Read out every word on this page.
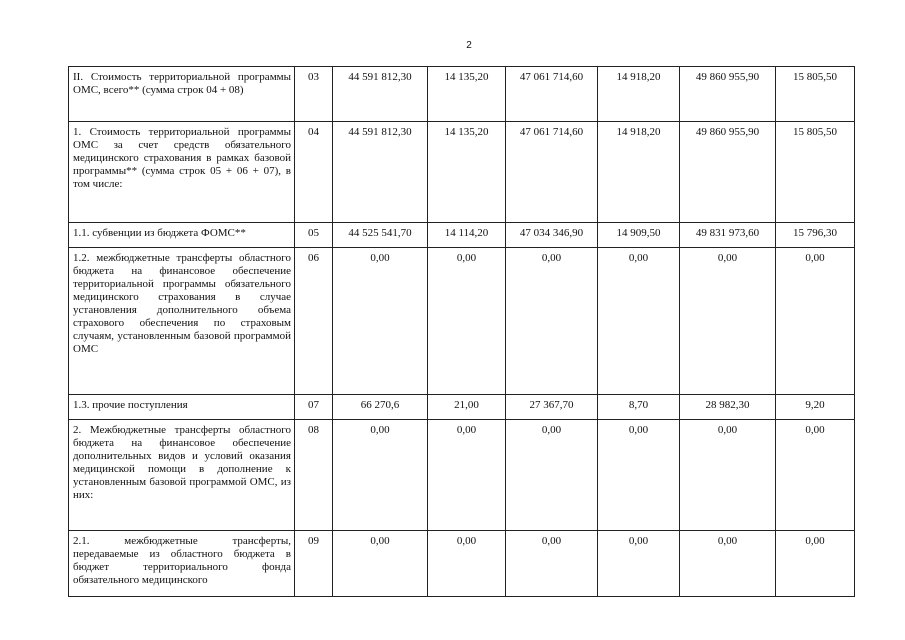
2
II. Стоимость территориальной программы ОМС, всего** (сумма строк 04 + 08)	03	44 591 812,30	14 135,20	47 061 714,60	14 918,20	49 860 955,90	15 805,50
1. Стоимость территориальной программы ОМС за счет средств обязательного медицинского страхования в рамках базовой программы** (сумма строк 05 + 06 + 07), в том числе:	04	44 591 812,30	14 135,20	47 061 714,60	14 918,20	49 860 955,90	15 805,50
1.1. субвенции из бюджета ФОМС**	05	44 525 541,70	14 114,20	47 034 346,90	14 909,50	49 831 973,60	15 796,30
1.2. межбюджетные трансферты областного бюджета на финансовое обеспечение территориальной программы обязательного медицинского страхования в случае установления дополнительного объема страхового обеспечения по страховым случаям, установленным базовой программой ОМС	06	0,00	0,00	0,00	0,00	0,00	0,00
1.3. прочие поступления	07	66 270,6	21,00	27 367,70	8,70	28 982,30	9,20
2. Межбюджетные трансферты областного бюджета на финансовое обеспечение дополнительных видов и условий оказания медицинской помощи в дополнение к установленным базовой программой ОМС, из них:	08	0,00	0,00	0,00	0,00	0,00	0,00
2.1. межбюджетные трансферты, передаваемые из областного бюджета в бюджет территориального фонда обязательного медицинского	09	0,00	0,00	0,00	0,00	0,00	0,00
